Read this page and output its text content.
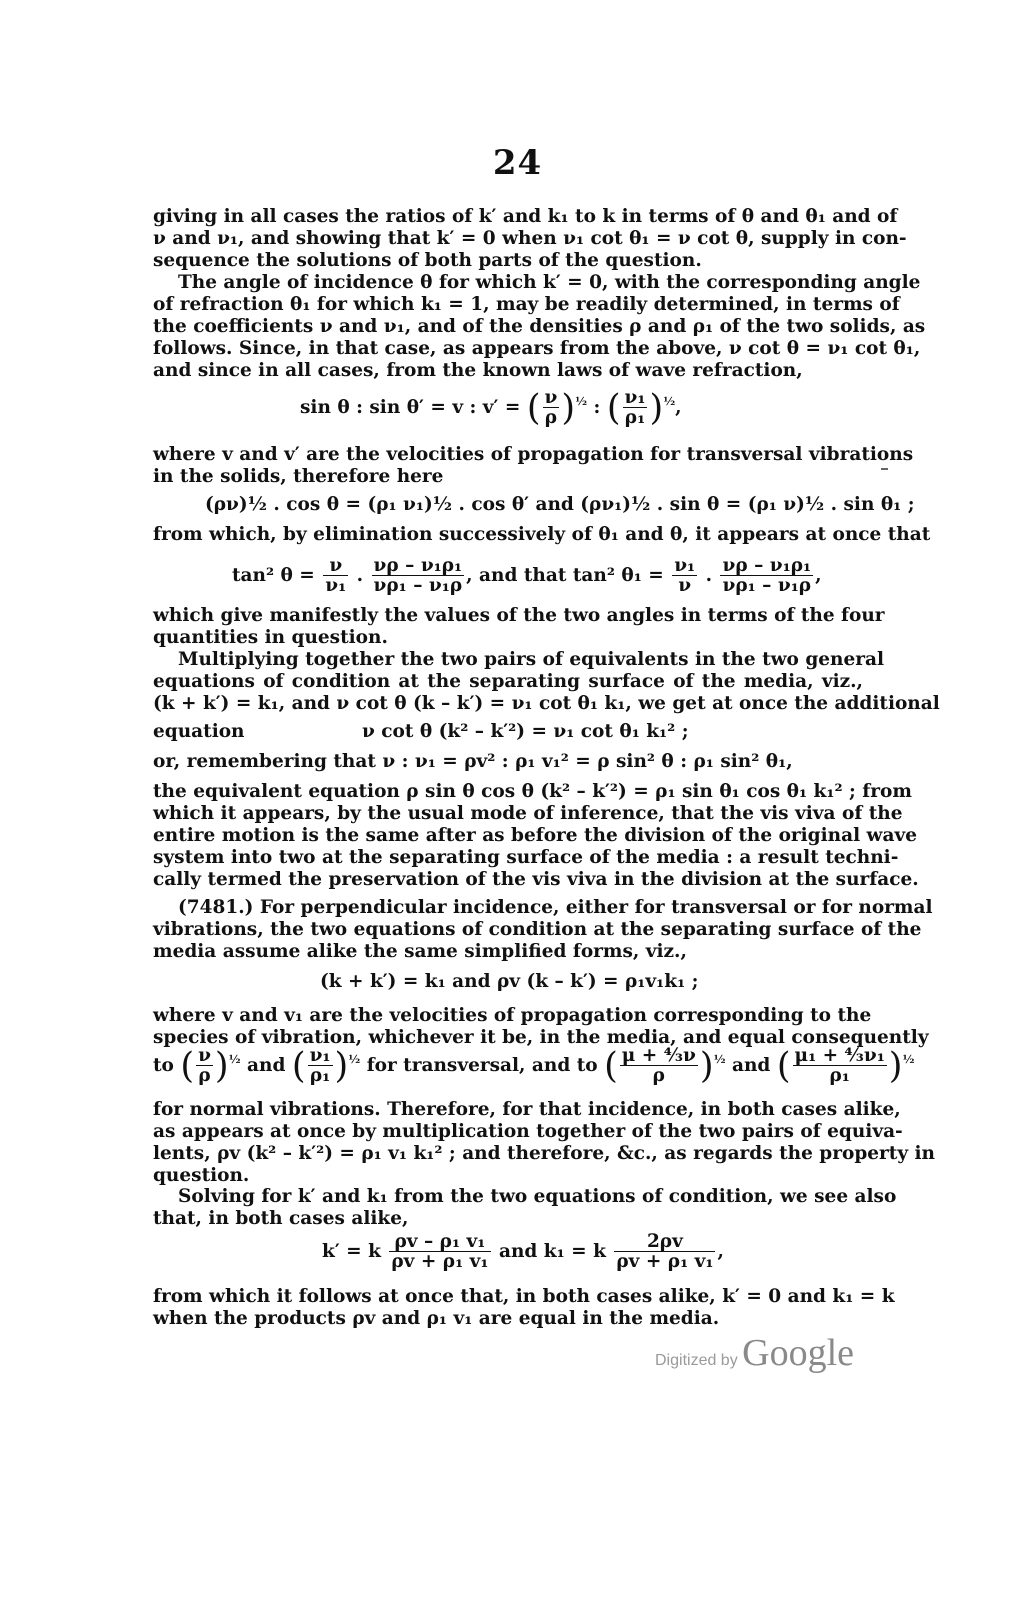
24
giving in all cases the ratios of k′ and k₁ to k in terms of θ and θ₁ and of
ν and ν₁, and showing that k′ = 0 when ν₁ cot θ₁ = ν cot θ, supply in con-
sequence the solutions of both parts of the question.
The angle of incidence θ for which k′ = 0, with the corresponding angle
of refraction θ₁ for which k₁ = 1, may be readily determined, in terms of
the coefficients ν and ν₁, and of the densities ρ and ρ₁ of the two solids, as
follows. Since, in that case, as appears from the above, ν cot θ = ν₁ cot θ₁,
and since in all cases, from the known laws of wave refraction,
sin θ : sin θ′ = v : v′ = ( $\frac{\nu}{\rho} )^{\frac{1}{2}}$ : ( $\frac{\text{ν₁}}{\text{ρ₁}} )^{\frac{1}{2}}$,
where v and v′ are the velocities of propagation for transversal vibrations
in the solids, therefore here
(ρν)½ . cos θ = (ρ₁ ν₁)½ . cos θ′ and (ρν₁)½ . sin θ = (ρ₁ ν)½ . sin θ₁ ;
from which, by elimination successively of θ₁ and θ, it appears at once that
tan² $\theta = \frac{\nu}{\text{ν₁}}$ . $\frac{\text{νρ – ν₁ρ₁}}{\text{νρ₁ – ν₁ρ}}$ , and that tan² $\theta_1 = \frac{\text{ν₁}}{\nu}$ . $\frac{\text{νρ – ν₁ρ₁}}{\text{νρ₁ – ν₁ρ}}$ ,
which give manifestly the values of the two angles in terms of the four
quantities in question.
Multiplying together the two pairs of equivalents in the two general
equations of condition at the separating surface of the media, viz.,
(k + k′) = k₁, and ν cot θ (k – k′) = ν₁ cot θ₁ k₁, we get at once the additional
equation	ν cot θ (k² – k′²) = ν₁ cot θ₁ k₁² ;
or, remembering that ν : ν₁ = ρv² : ρ₁ v₁² = ρ sin² θ : ρ₁ sin² θ₁,
the equivalent equation ρ sin θ cos θ (k² – k′²) = ρ₁ sin θ₁ cos θ₁ k₁² ; from
which it appears, by the usual mode of inference, that the vis viva of the
entire motion is the same after as before the division of the original wave
system into two at the separating surface of the media : a result techni-
cally termed the preservation of the vis viva in the division at the surface.
(7481.) For perpendicular incidence, either for transversal or for normal
vibrations, the two equations of condition at the separating surface of the
media assume alike the same simplified forms, viz.,
(k + k′) = k₁ and ρv (k – k′) = ρ₁v₁k₁ ;
where v and v₁ are the velocities of propagation corresponding to the
species of vibration, whichever it be, in the media, and equal consequently
to ( $\frac{\nu}{\rho} )^{\frac{1}{2}}$ and ( $\frac{\text{ν₁}}{\text{ρ₁}} )^{\frac{1}{2}}$ for transversal, and to ( $\frac{\text{μ + ⁴⁄₃ν}}{\rho} )^{\frac{1}{2}}$ and ( $\frac{\text{μ₁ + ⁴⁄₃ν₁}}{\text{ρ₁}} )^{\frac{1}{2}}$
for normal vibrations. Therefore, for that incidence, in both cases alike,
as appears at once by multiplication together of the two pairs of equiva-
lents, ρv (k² – k′²) = ρ₁ v₁ k₁² ; and therefore, &c., as regards the property in
question.
Solving for k′ and k₁ from the two equations of condition, we see also
that, in both cases alike,
k′ = k $\frac{\text{ρv – ρ₁ v₁}}{\text{ρv + ρ₁ v₁}}$ and k₁ = k $\frac{2\rho v}{\text{ρv + ρ₁ v₁}}$ ,
from which it follows at once that, in both cases alike, k′ = 0 and k₁ = k
when the products ρv and ρ₁ v₁ are equal in the media.
Digitized by Google
